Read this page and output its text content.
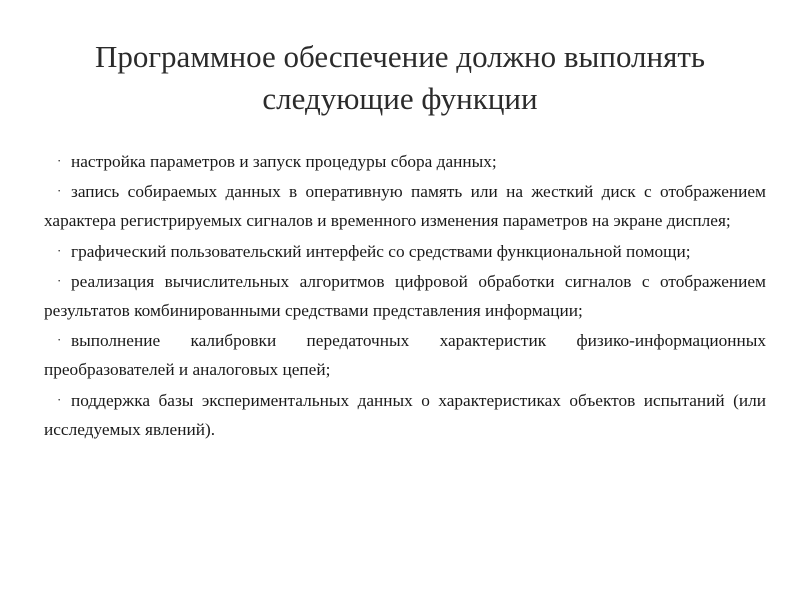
Программное обеспечение должно выполнять
следующие функции

· настройка параметров и запуск процедуры сбора данных;

· запись собираемых данных в оперативную память или на жесткий диск с отображением характера регистрируемых сигналов и временного изменения параметров на экране дисплея;

· графический пользовательский интерфейс со средствами функциональной помощи;

· реализация вычислительных алгоритмов цифровой обработки сигналов с отображением результатов комбинированными средствами представления информации;

· выполнение калибровки передаточных характеристик физико-информационных преобразователей и аналоговых цепей;

· поддержка базы экспериментальных данных о характеристиках объектов испытаний (или исследуемых явлений).
